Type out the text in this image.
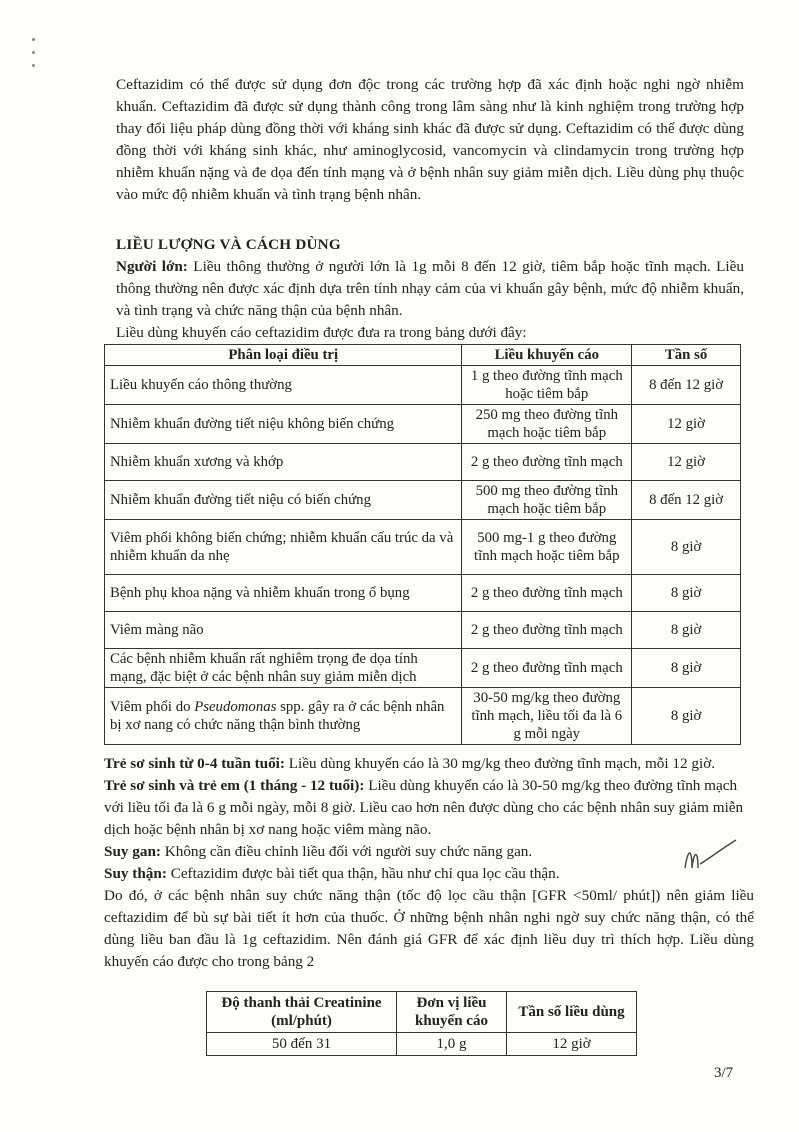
Ceftazidim có thể được sử dụng đơn độc trong các trường hợp đã xác định hoặc nghi ngờ nhiễm khuẩn. Ceftazidim đã được sử dụng thành công trong lâm sàng như là kinh nghiệm trong trường hợp thay đổi liệu pháp dùng đồng thời với kháng sinh khác đã được sử dụng. Ceftazidim có thể được dùng đồng thời với kháng sinh khác, như aminoglycosid, vancomycin và clindamycin trong trường hợp nhiễm khuẩn nặng và đe dọa đến tính mạng và ở bệnh nhân suy giảm miễn dịch. Liều dùng phụ thuộc vào mức độ nhiễm khuẩn và tình trạng bệnh nhân.

LIỀU LƯỢNG VÀ CÁCH DÙNG

Người lớn: Liều thông thường ở người lớn là 1g mỗi 8 đến 12 giờ, tiêm bắp hoặc tĩnh mạch. Liều thông thường nên được xác định dựa trên tính nhạy cảm của vi khuẩn gây bệnh, mức độ nhiễm khuẩn, và tình trạng và chức năng thận của bệnh nhân.

Liều dùng khuyến cáo ceftazidim được đưa ra trong bảng dưới đây:

Phân loại điều trị	Liều khuyến cáo	Tần số
Liều khuyến cáo thông thường	1 g theo đường tĩnh mạch hoặc tiêm bắp	8 đến 12 giờ
Nhiễm khuẩn đường tiết niệu không biến chứng	250 mg theo đường tĩnh mạch hoặc tiêm bắp	12 giờ
Nhiễm khuẩn xương và khớp	2 g theo đường tĩnh mạch	12 giờ
Nhiễm khuẩn đường tiết niệu có biến chứng	500 mg theo đường tĩnh mạch hoặc tiêm bắp	8 đến 12 giờ
Viêm phổi không biến chứng; nhiễm khuẩn cấu trúc da và nhiễm khuẩn da nhẹ	500 mg-1 g theo đường tĩnh mạch hoặc tiêm bắp	8 giờ
Bệnh phụ khoa nặng và nhiễm khuẩn trong ổ bụng	2 g theo đường tĩnh mạch	8 giờ
Viêm màng não	2 g theo đường tĩnh mạch	8 giờ
Các bệnh nhiễm khuẩn rất nghiêm trọng đe dọa tính mạng, đặc biệt ở các bệnh nhân suy giảm miễn dịch	2 g theo đường tĩnh mạch	8 giờ
Viêm phổi do Pseudomonas spp. gây ra ở các bệnh nhân bị xơ nang có chức năng thận bình thường	30-50 mg/kg theo đường tĩnh mạch, liều tối đa là 6 g mỗi ngày	8 giờ

Trẻ sơ sinh từ 0-4 tuần tuổi: Liều dùng khuyến cáo là 30 mg/kg theo đường tĩnh mạch, mỗi 12 giờ.

Trẻ sơ sinh và trẻ em (1 tháng - 12 tuổi): Liều dùng khuyến cáo là 30-50 mg/kg theo đường tĩnh mạch với liều tối đa là 6 g mỗi ngày, mỗi 8 giờ. Liều cao hơn nên được dùng cho các bệnh nhân suy giảm miễn dịch hoặc bệnh nhân bị xơ nang hoặc viêm màng não.

Suy gan: Không cần điều chỉnh liều đối với người suy chức năng gan.

Suy thận: Ceftazidim được bài tiết qua thận, hầu như chỉ qua lọc cầu thận.

Do đó, ở các bệnh nhân suy chức năng thận (tốc độ lọc cầu thận [GFR <50ml/ phút]) nên giảm liều ceftazidim để bù sự bài tiết ít hơn của thuốc. Ở những bệnh nhân nghi ngờ suy chức năng thận, có thể dùng liều ban đầu là 1g ceftazidim. Nên đánh giá GFR để xác định liều duy trì thích hợp. Liều dùng khuyến cáo được cho trong bảng 2

Độ thanh thải Creatinine (ml/phút)	Đơn vị liều khuyến cáo	Tần số liều dùng
50 đến 31	1,0 g	12 giờ
3/7
